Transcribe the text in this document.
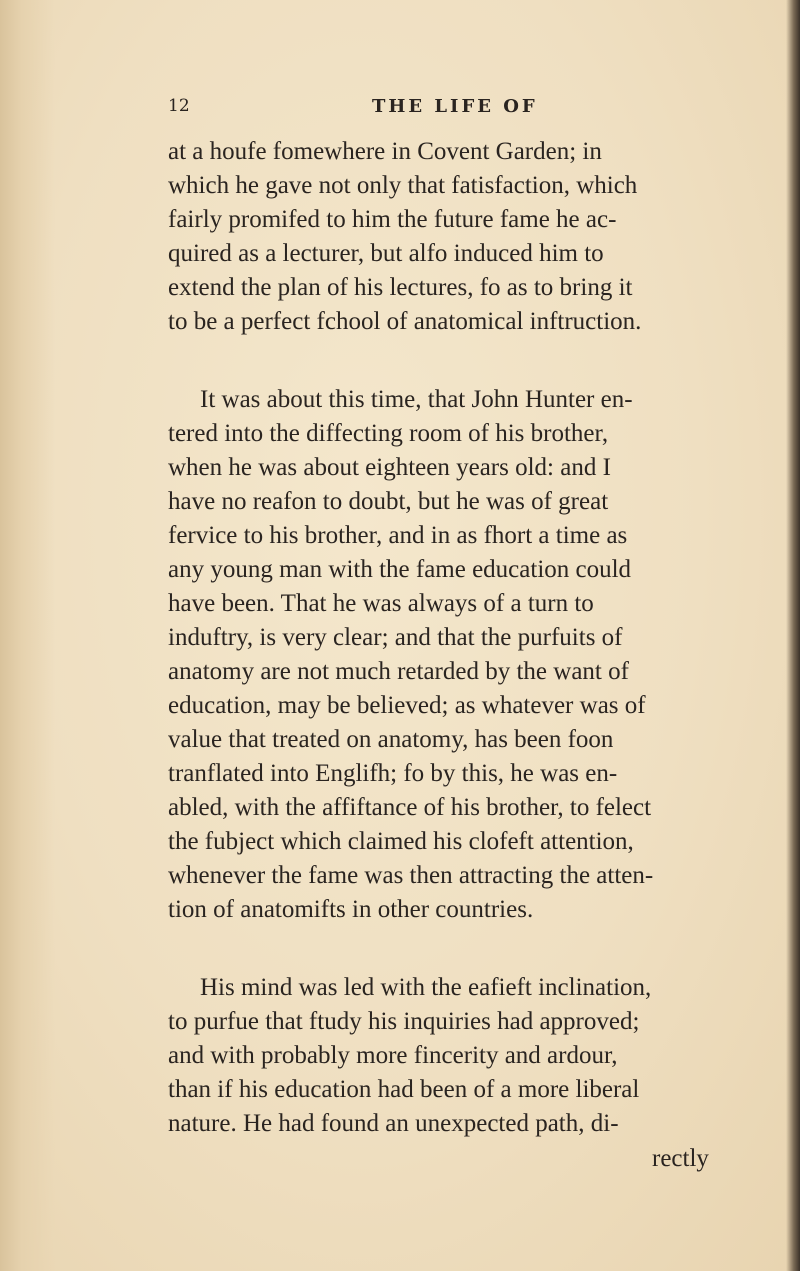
12	THE LIFE OF
at a houfe fomewhere in Covent Garden; in
which he gave not only that fatisfaction, which
fairly promifed to him the future fame he ac-
quired as a lecturer, but alfo induced him to
extend the plan of his lectures, fo as to bring it
to be a perfect fchool of anatomical inftruction.
It was about this time, that John Hunter en-
tered into the diffecting room of his brother,
when he was about eighteen years old: and I
have no reafon to doubt, but he was of great
fervice to his brother, and in as fhort a time as
any young man with the fame education could
have been. That he was always of a turn to
induftry, is very clear; and that the purfuits of
anatomy are not much retarded by the want of
education, may be believed; as whatever was of
value that treated on anatomy, has been foon
tranflated into Englifh; fo by this, he was en-
abled, with the affiftance of his brother, to felect
the fubject which claimed his clofeft attention,
whenever the fame was then attracting the atten-
tion of anatomifts in other countries.
His mind was led with the eafieft inclination,
to purfue that ftudy his inquiries had approved;
and with probably more fincerity and ardour,
than if his education had been of a more liberal
nature. He had found an unexpected path, di-
rectly
